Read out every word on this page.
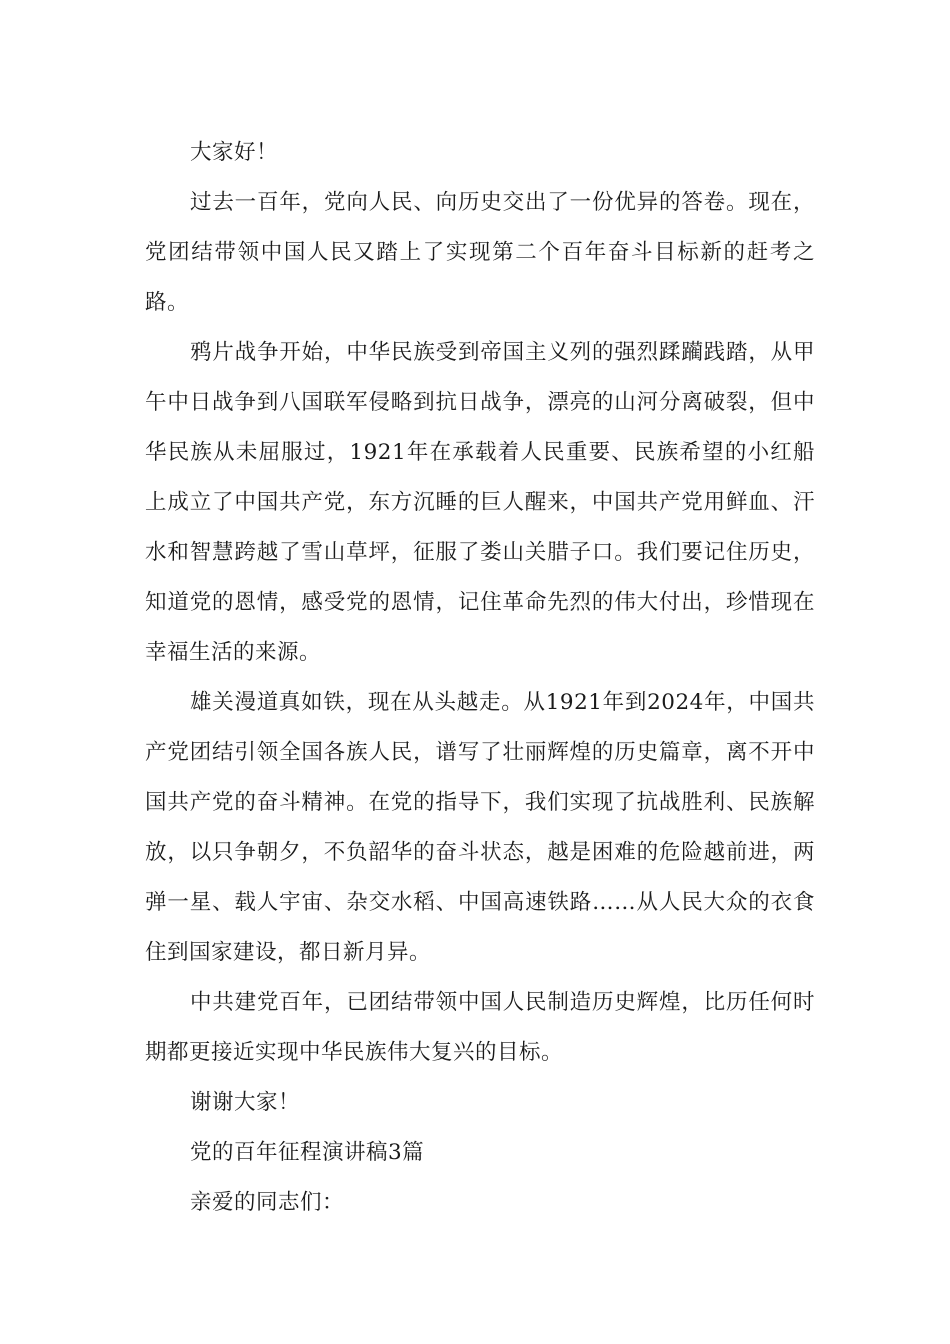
大家好！

过去一百年，党向人民、向历史交出了一份优异的答卷。现在，党团结带领中国人民又踏上了实现第二个百年奋斗目标新的赶考之路。

鸦片战争开始，中华民族受到帝国主义列的强烈蹂躏践踏，从甲午中日战争到八国联军侵略到抗日战争，漂亮的山河分离破裂，但中华民族从未屈服过，1921年在承载着人民重要、民族希望的小红船上成立了中国共产党，东方沉睡的巨人醒来，中国共产党用鲜血、汗水和智慧跨越了雪山草坪，征服了娄山关腊子口。我们要记住历史，知道党的恩情，感受党的恩情，记住革命先烈的伟大付出，珍惜现在幸福生活的来源。

雄关漫道真如铁，现在从头越走。从1921年到2024年，中国共产党团结引领全国各族人民，谱写了壮丽辉煌的历史篇章，离不开中国共产党的奋斗精神。在党的指导下，我们实现了抗战胜利、民族解放，以只争朝夕，不负韶华的奋斗状态，越是困难的危险越前进，两弹一星、载人宇宙、杂交水稻、中国高速铁路……从人民大众的衣食住到国家建设，都日新月异。

中共建党百年，已团结带领中国人民制造历史辉煌，比历任何时期都更接近实现中华民族伟大复兴的目标。

谢谢大家！

党的百年征程演讲稿3篇

亲爱的同志们：
